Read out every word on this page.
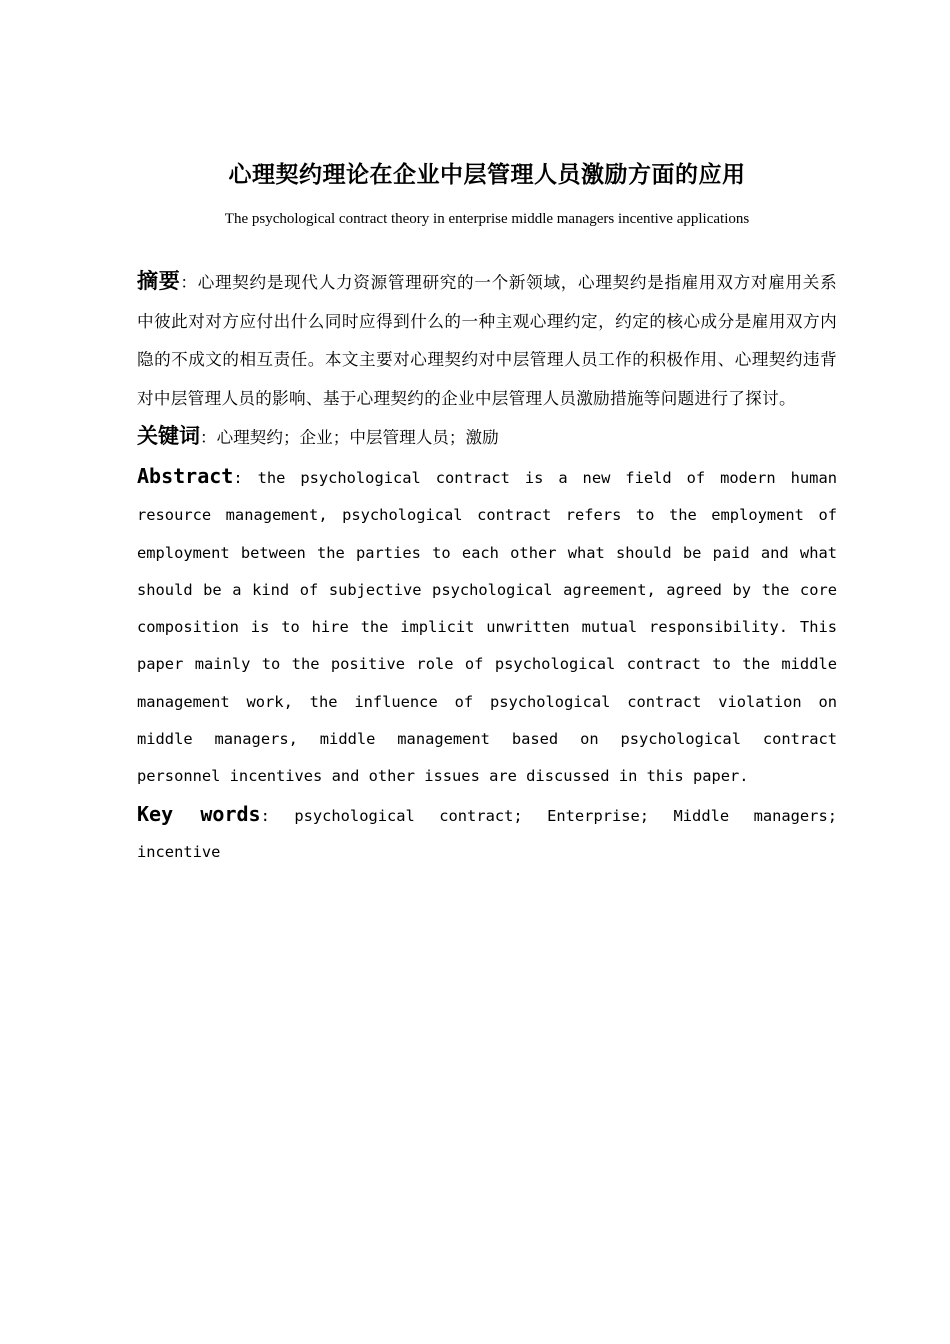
心理契约理论在企业中层管理人员激励方面的应用

The psychological contract theory in enterprise middle managers incentive applications

摘要：心理契约是现代人力资源管理研究的一个新领域，心理契约是指雇用双方对雇用关系中彼此对对方应付出什么同时应得到什么的一种主观心理约定，约定的核心成分是雇用双方内隐的不成文的相互责任。本文主要对心理契约对中层管理人员工作的积极作用、心理契约违背对中层管理人员的影响、基于心理契约的企业中层管理人员激励措施等问题进行了探讨。
关键词：心理契约；企业；中层管理人员；激励
Abstract: the psychological contract is a new field of modern human resource management, psychological contract refers to the employment of employment between the parties to each other what should be paid and what should be a kind of subjective psychological agreement, agreed by the core composition is to hire the implicit unwritten mutual responsibility. This paper mainly to the positive role of psychological contract to the middle management work, the influence of psychological contract violation on middle managers, middle management based on psychological contract personnel incentives and other issues are discussed in this paper.
Key words: psychological contract; Enterprise; Middle managers; incentive
